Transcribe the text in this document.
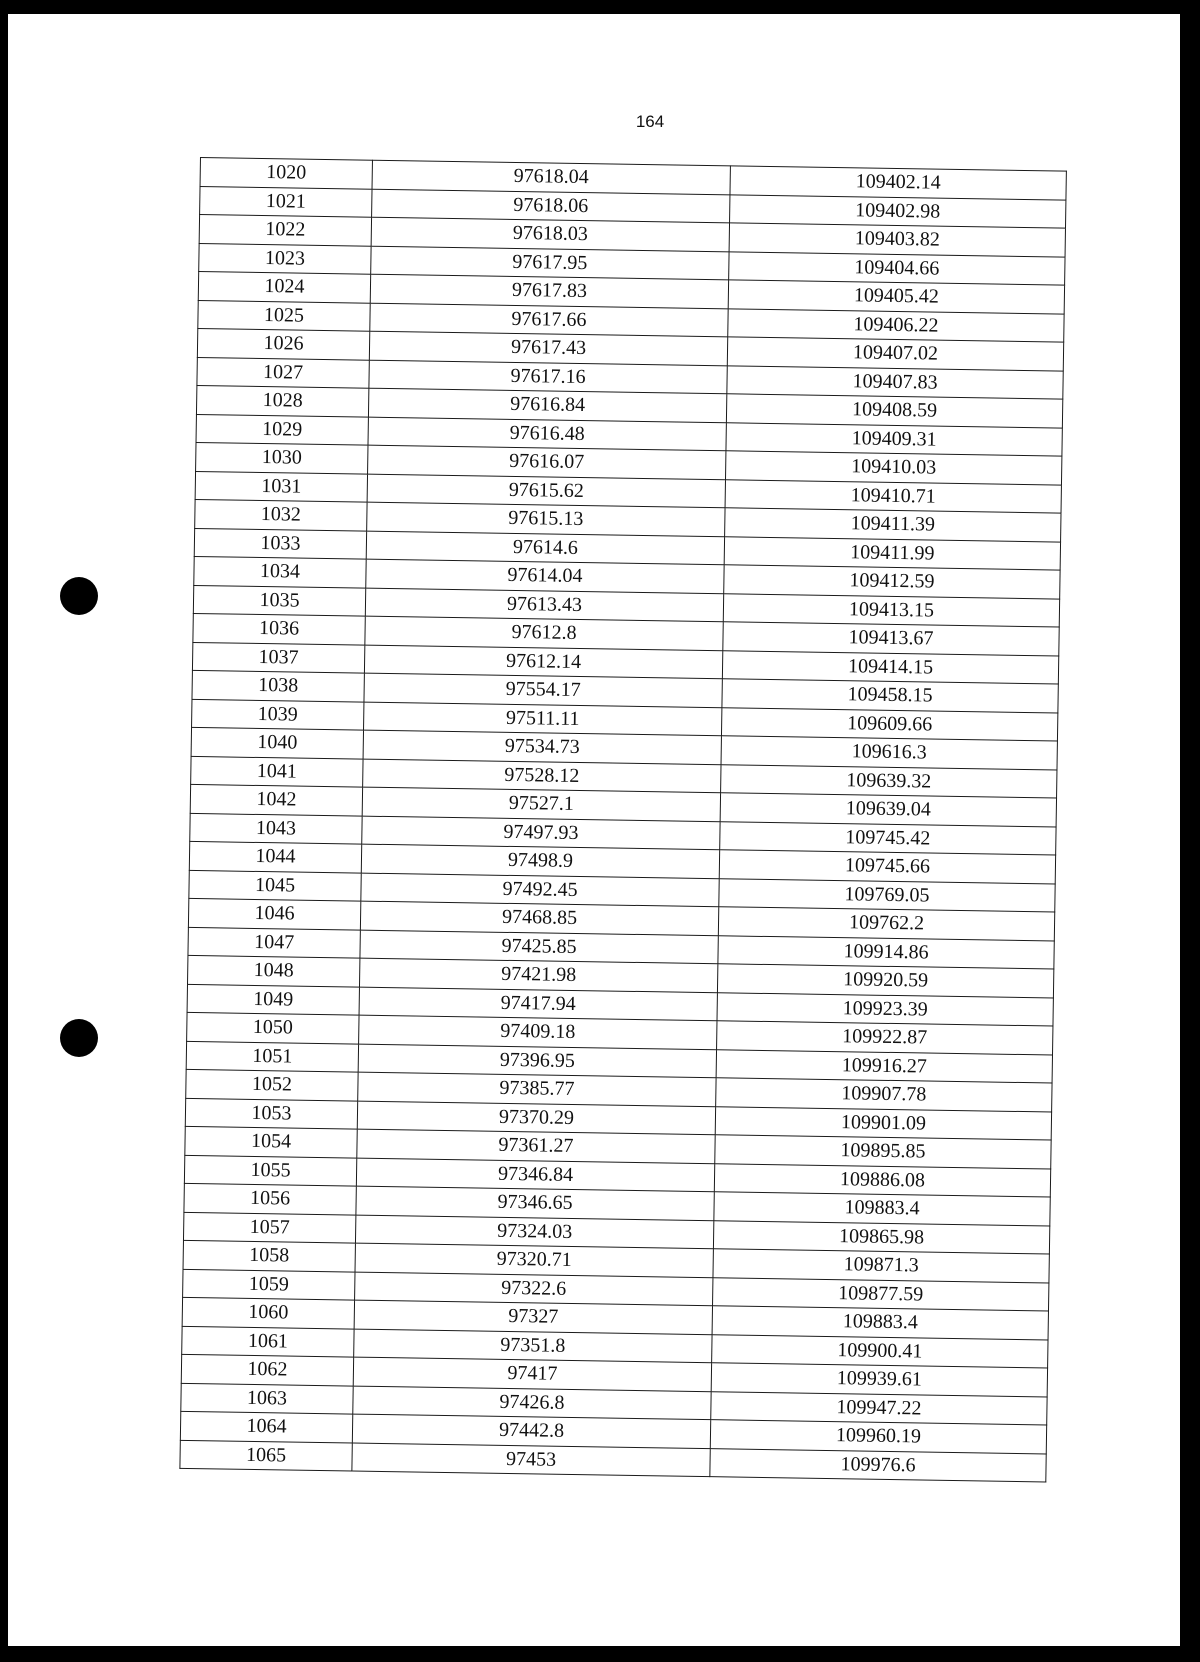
164
1020	97618.04	109402.14
1021	97618.06	109402.98
1022	97618.03	109403.82
1023	97617.95	109404.66
1024	97617.83	109405.42
1025	97617.66	109406.22
1026	97617.43	109407.02
1027	97617.16	109407.83
1028	97616.84	109408.59
1029	97616.48	109409.31
1030	97616.07	109410.03
1031	97615.62	109410.71
1032	97615.13	109411.39
1033	97614.6	109411.99
1034	97614.04	109412.59
1035	97613.43	109413.15
1036	97612.8	109413.67
1037	97612.14	109414.15
1038	97554.17	109458.15
1039	97511.11	109609.66
1040	97534.73	109616.3
1041	97528.12	109639.32
1042	97527.1	109639.04
1043	97497.93	109745.42
1044	97498.9	109745.66
1045	97492.45	109769.05
1046	97468.85	109762.2
1047	97425.85	109914.86
1048	97421.98	109920.59
1049	97417.94	109923.39
1050	97409.18	109922.87
1051	97396.95	109916.27
1052	97385.77	109907.78
1053	97370.29	109901.09
1054	97361.27	109895.85
1055	97346.84	109886.08
1056	97346.65	109883.4
1057	97324.03	109865.98
1058	97320.71	109871.3
1059	97322.6	109877.59
1060	97327	109883.4
1061	97351.8	109900.41
1062	97417	109939.61
1063	97426.8	109947.22
1064	97442.8	109960.19
1065	97453	109976.6
